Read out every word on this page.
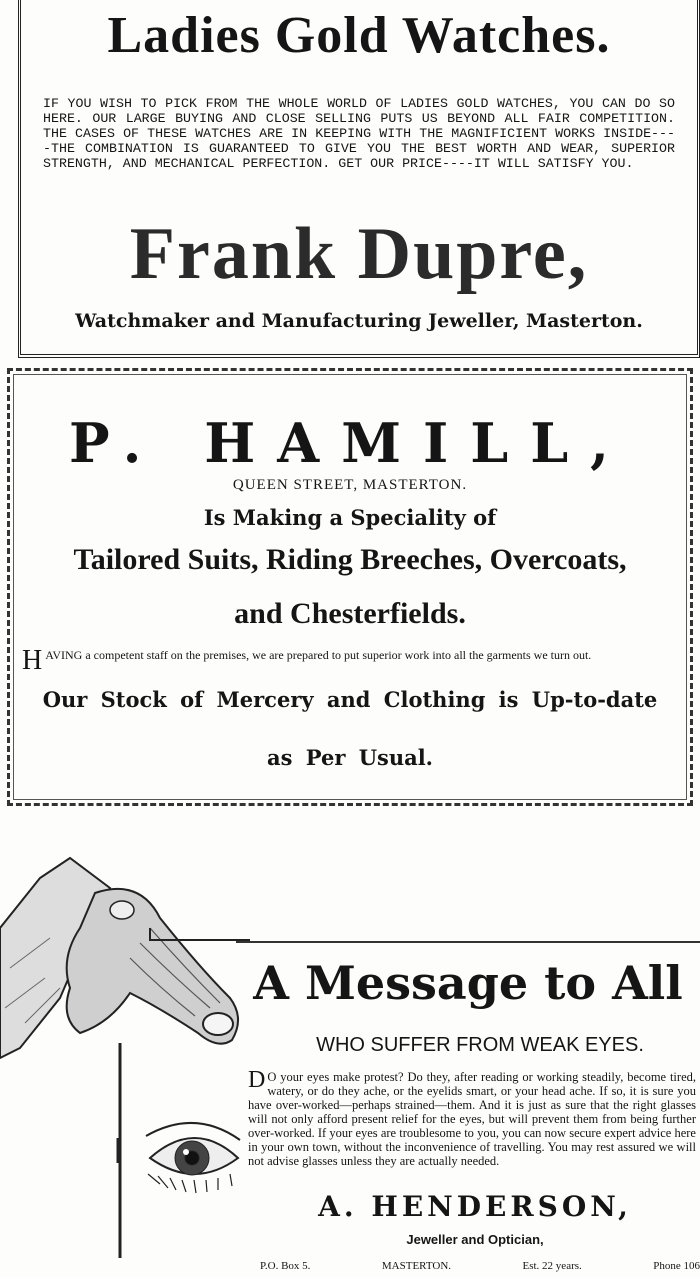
Ladies Gold Watches.
IF YOU WISH TO PICK FROM THE WHOLE WORLD OF LADIES GOLD WATCHES, YOU CAN DO SO HERE. OUR LARGE BUYING AND CLOSE SELLING PUTS US BEYOND ALL FAIR COMPETITION. THE CASES OF THESE WATCHES ARE IN KEEPING WITH THE MAGNIFICIENT WORKS INSIDE----THE COMBINATION IS GUARANTEED TO GIVE YOU THE BEST WORTH AND WEAR, SUPERIOR STRENGTH, AND MECHANICAL PERFECTION. GET OUR PRICE----IT WILL SATISFY YOU.
Frank Dupre,
Watchmaker and Manufacturing Jeweller, Masterton.
P. HAMILL,
QUEEN STREET, MASTERTON.
Is Making a Speciality of
Tailored Suits, Riding Breeches, Overcoats,
and Chesterfields.
H AVING a competent staff on the premises, we are prepared to put superior work into all the garments we turn out.
Our Stock of Mercery and Clothing is Up-to-date
as Per Usual.
A Message to All
WHO SUFFER FROM WEAK EYES.
D O your eyes make protest? Do they, after reading or working steadily, become tired, watery, or do they ache, or the eyelids smart, or your head ache. If so, it is sure you have over-worked—perhaps strained—them. And it is just as sure that the right glasses will not only afford present relief for the eyes, but will prevent them from being further over-worked. If your eyes are troublesome to you, you can now secure expert advice here in your own town, without the inconvenience of travelling. You may rest assured we will not advise glasses unless they are actually needed.
A. HENDERSON,
Jeweller and Optician,
P.O. Box 5.	MASTERTON.	Est. 22 years.	Phone 106
